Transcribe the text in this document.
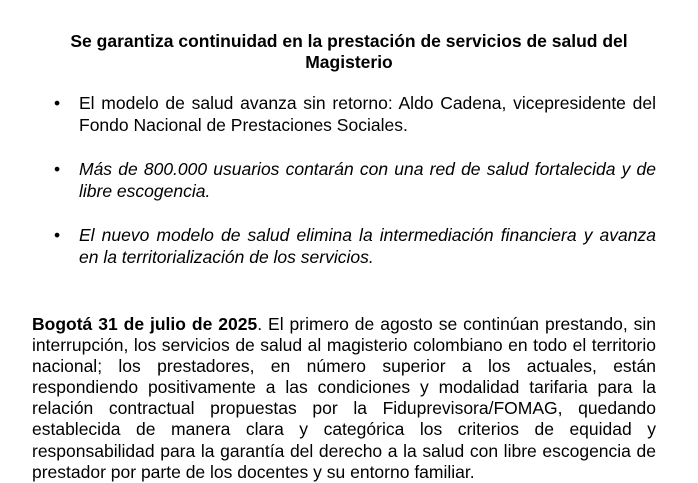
Se garantiza continuidad en la prestación de servicios de salud del Magisterio
• El modelo de salud avanza sin retorno: Aldo Cadena, vicepresidente del Fondo Nacional de Prestaciones Sociales.
• Más de 800.000 usuarios contarán con una red de salud fortalecida y de libre escogencia.
• El nuevo modelo de salud elimina la intermediación financiera y avanza en la territorialización de los servicios.

Bogotá 31 de julio de 2025. El primero de agosto se continúan prestando, sin interrupción, los servicios de salud al magisterio colombiano en todo el territorio nacional; los prestadores, en número superior a los actuales, están respondiendo positivamente a las condiciones y modalidad tarifaria para la relación contractual propuestas por la Fiduprevisora/FOMAG, quedando establecida de manera clara y categórica los criterios de equidad y responsabilidad para la garantía del derecho a la salud con libre escogencia de prestador por parte de los docentes y su entorno familiar.
